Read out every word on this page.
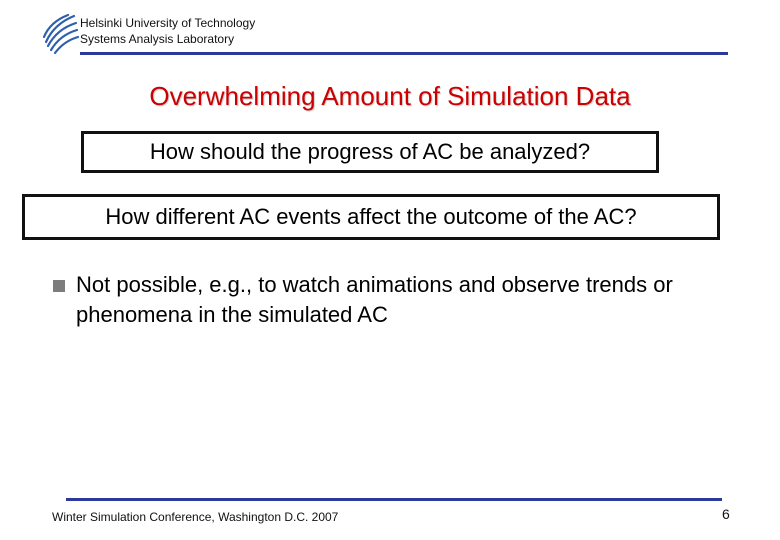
Helsinki University of Technology
Systems Analysis Laboratory
Overwhelming Amount of Simulation Data
How should the progress of AC be analyzed?
How different AC events affect the outcome of the AC?
Not possible, e.g., to watch animations and observe trends or phenomena in the simulated AC
Winter Simulation Conference, Washington D.C. 2007	6
